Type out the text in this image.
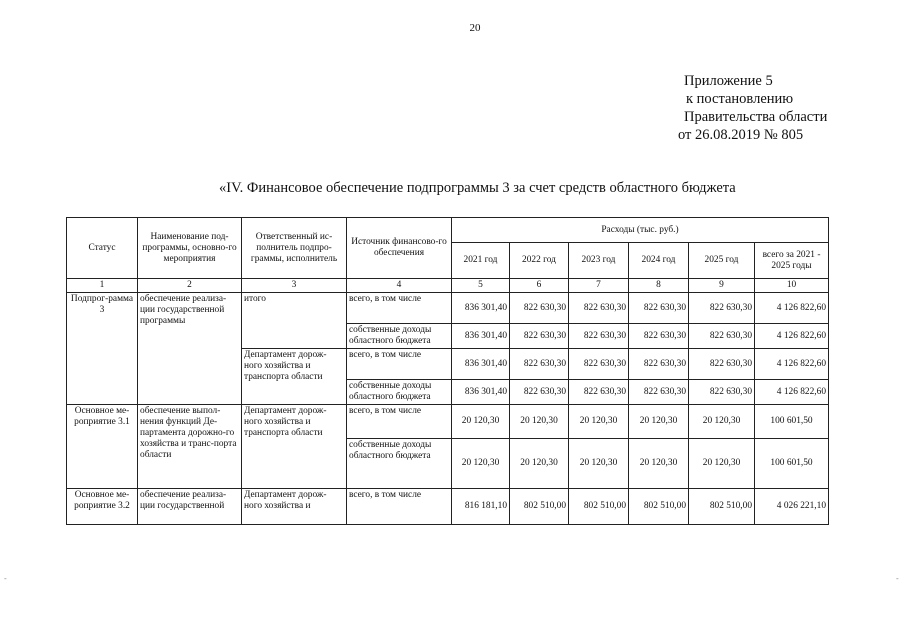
20
Приложение 5
к постановлению
Правительства области
от 26.08.2019 № 805
«IV. Финансовое обеспечение подпрограммы 3 за счет средств областного бюджета
Статус	Наименование под-программы, основно-го мероприятия	Ответственный ис-полнитель подпро-граммы, исполнитель	Источник финансово-го обеспечения	Расходы (тыс. руб.)					
				2021 год	2022 год	2023 год	2024 год	2025 год	всего за 2021 - 2025 годы
1	2	3	4	5	6	7	8	9	10
Подпрог-рамма 3	обеспечение реализа-ции государственной программы	итого	всего, в том числе	836 301,40	822 630,30	822 630,30	822 630,30	822 630,30	4 126 822,60
			собственные доходы областного бюджета	836 301,40	822 630,30	822 630,30	822 630,30	822 630,30	4 126 822,60
		Департамент дорож-ного хозяйства и транспорта области	всего, в том числе	836 301,40	822 630,30	822 630,30	822 630,30	822 630,30	4 126 822,60
			собственные доходы областного бюджета	836 301,40	822 630,30	822 630,30	822 630,30	822 630,30	4 126 822,60
Основное ме-роприятие 3.1	обеспечение выпол-нения функций Де-партамента дорожно-го хозяйства и транс-порта области	Департамент дорож-ного хозяйства и транспорта области	всего, в том числе	20 120,30	20 120,30	20 120,30	20 120,30	20 120,30	100 601,50
			собственные доходы областного бюджета	20 120,30	20 120,30	20 120,30	20 120,30	20 120,30	100 601,50
Основное ме-роприятие 3.2	обеспечение реализа-ции государственной	Департамент дорож-ного хозяйства и	всего, в том числе	816 181,10	802 510,00	802 510,00	802 510,00	802 510,00	4 026 221,10
-	-
